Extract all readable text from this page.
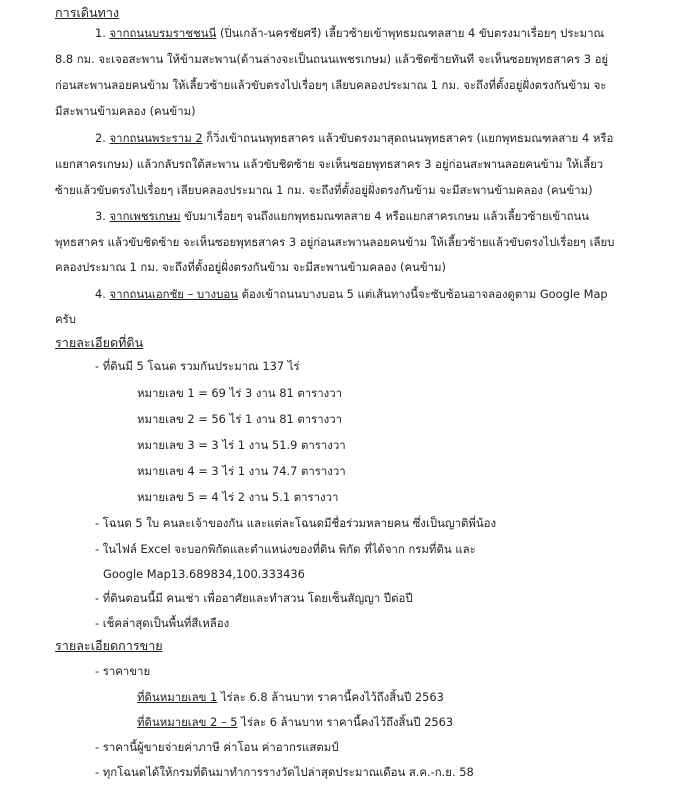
การเดินทาง
1. จากถนนบรมราชชนนี (ปิ่นเกล้า-นครชัยศรี) เลี้ยวซ้ายเข้าพุทธมณฑลสาย 4 ขับตรงมาเรื่อยๆ ประมาณ
8.8 กม. จะเจอสะพาน ให้ข้ามสะพาน(ด้านล่างจะเป็นถนนเพชรเกษม) แล้วชิดซ้ายทันที จะเห็นซอยพุทธสาคร 3 อยู่
ก่อนสะพานลอยคนข้าม ให้เลี้ยวซ้ายแล้วขับตรงไปเรื่อยๆ เลียบคลองประมาณ 1 กม. จะถึงที่ตั้งอยู่ฝั่งตรงกันข้าม จะ
มีสะพานข้ามคลอง (คนข้าม)
2. จากถนนพระราม 2 ก็วิ่งเข้าถนนพุทธสาคร แล้วขับตรงมาสุดถนนพุทธสาคร (แยกพุทธมณฑลสาย 4 หรือ
แยกสาครเกษม) แล้วกลับรถใต้สะพาน แล้วขับชิดซ้าย จะเห็นซอยพุทธสาคร 3 อยู่ก่อนสะพานลอยคนข้าม ให้เลี้ยว
ซ้ายแล้วขับตรงไปเรื่อยๆ เลียบคลองประมาณ 1 กม. จะถึงที่ตั้งอยู่ฝั่งตรงกันข้าม จะมีสะพานข้ามคลอง (คนข้าม)
3. จากเพชรเกษม ขับมาเรื่อยๆ จนถึงแยกพุทธมณฑลสาย 4 หรือแยกสาครเกษม แล้วเลี้ยวซ้ายเข้าถนน
พุทธสาคร แล้วขับชิดซ้าย จะเห็นซอยพุทธสาคร 3 อยู่ก่อนสะพานลอยคนข้าม ให้เลี้ยวซ้ายแล้วขับตรงไปเรื่อยๆ เลียบ
คลองประมาณ 1 กม. จะถึงที่ตั้งอยู่ฝั่งตรงกันข้าม จะมีสะพานข้ามคลอง (คนข้าม)
4. จากถนนเอกชัย – บางบอน ต้องเข้าถนนบางบอน 5 แต่เส้นทางนี้จะซับซ้อนอาจลองดูตาม Google Map
ครับ
รายละเอียดที่ดิน
- ที่ดินมี 5 โฉนด รวมกันประมาณ 137 ไร่
หมายเลข 1 = 69 ไร่ 3 งาน 81 ตารางวา
หมายเลข 2 = 56 ไร่ 1 งาน 81 ตารางวา
หมายเลข 3 = 3 ไร่ 1 งาน 51.9 ตารางวา
หมายเลข 4 = 3 ไร่ 1 งาน 74.7 ตารางวา
หมายเลข 5 = 4 ไร่ 2 งาน 5.1 ตารางวา
- โฉนด 5 ใบ คนละเจ้าของกัน และแต่ละโฉนดมีชื่อร่วมหลายคน ซึ่งเป็นญาติพี่น้อง
- ในไฟล์ Excel จะบอกพิกัดและตำแหน่งของที่ดิน พิกัด ที่ได้จาก กรมที่ดิน และ
Google Map13.689834,100.333436
- ที่ดินตอนนี้มี คนเช่า เพื่ออาศัยและทำสวน โดยเซ็นสัญญา ปีต่อปี
- เช็คล่าสุดเป็นพื้นที่สีเหลือง
รายละเอียดการขาย
- ราคาขาย
ที่ดินหมายเลข 1 ไร่ละ 6.8 ล้านบาท ราคานี้คงไว้ถึงสิ้นปี 2563
ที่ดินหมายเลข 2 – 5 ไร่ละ 6 ล้านบาท ราคานี้คงไว้ถึงสิ้นปี 2563
- ราคานี้ผู้ขายจ่ายค่าภาษี ค่าโอน ค่าอากรแสตมป์
- ทุกโฉนดได้ให้กรมที่ดินมาทำการรางวัดไปล่าสุดประมาณเดือน ส.ค.-ก.ย. 58
